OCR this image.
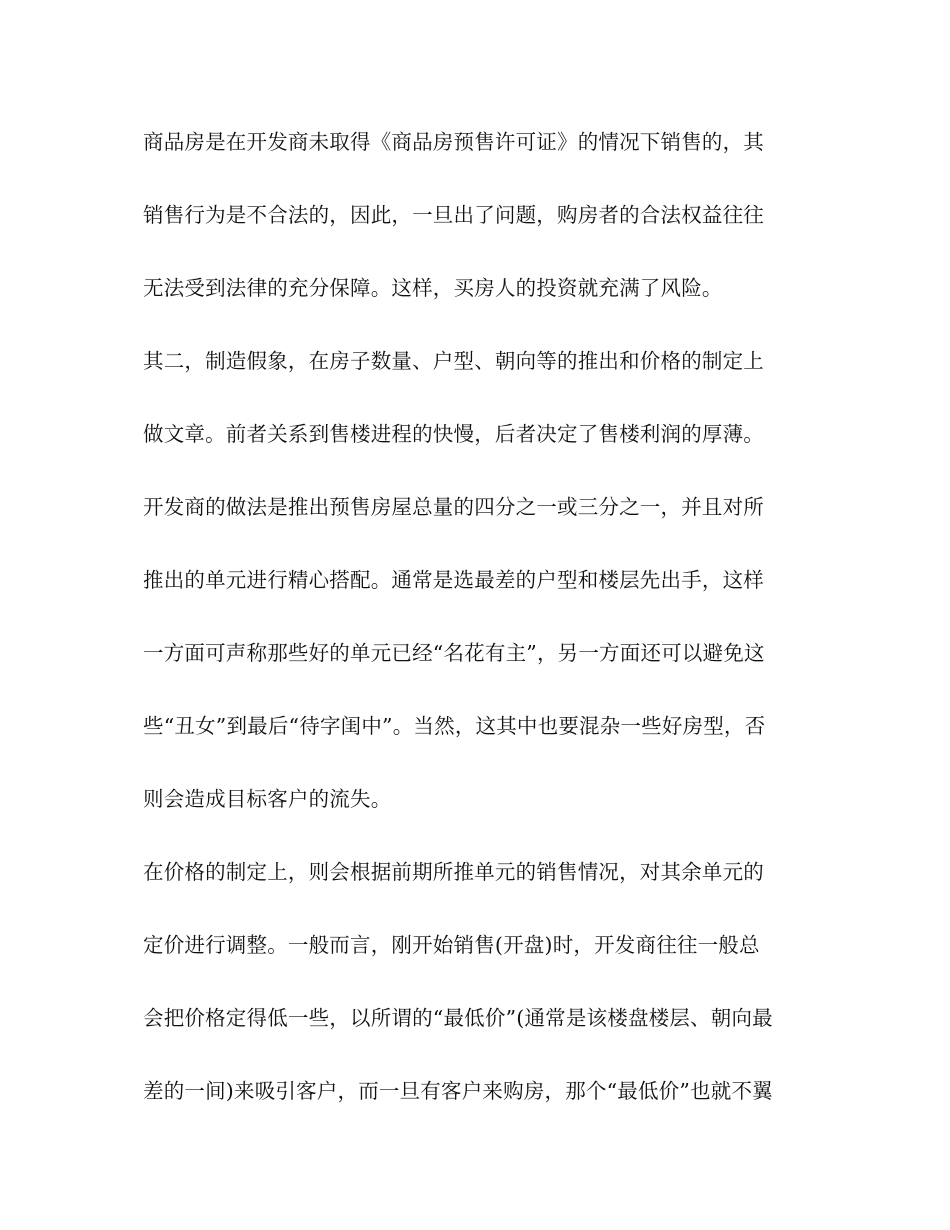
商品房是在开发商未取得《商品房预售许可证》的情况下销售的，其
销售行为是不合法的，因此，一旦出了问题，购房者的合法权益往往
无法受到法律的充分保障。这样，买房人的投资就充满了风险。
其二，制造假象，在房子数量、户型、朝向等的推出和价格的制定上
做文章。前者关系到售楼进程的快慢，后者决定了售楼利润的厚薄。
开发商的做法是推出预售房屋总量的四分之一或三分之一，并且对所
推出的单元进行精心搭配。通常是选最差的户型和楼层先出手，这样
一方面可声称那些好的单元已经“名花有主”，另一方面还可以避免这
些“丑女”到最后“待字闺中”。当然，这其中也要混杂一些好房型，否
则会造成目标客户的流失。
在价格的制定上，则会根据前期所推单元的销售情况，对其余单元的
定价进行调整。一般而言，刚开始销售(开盘)时，开发商往往一般总
会把价格定得低一些，以所谓的“最低价”(通常是该楼盘楼层、朝向最
差的一间)来吸引客户，而一旦有客户来购房，那个“最低价”也就不翼
